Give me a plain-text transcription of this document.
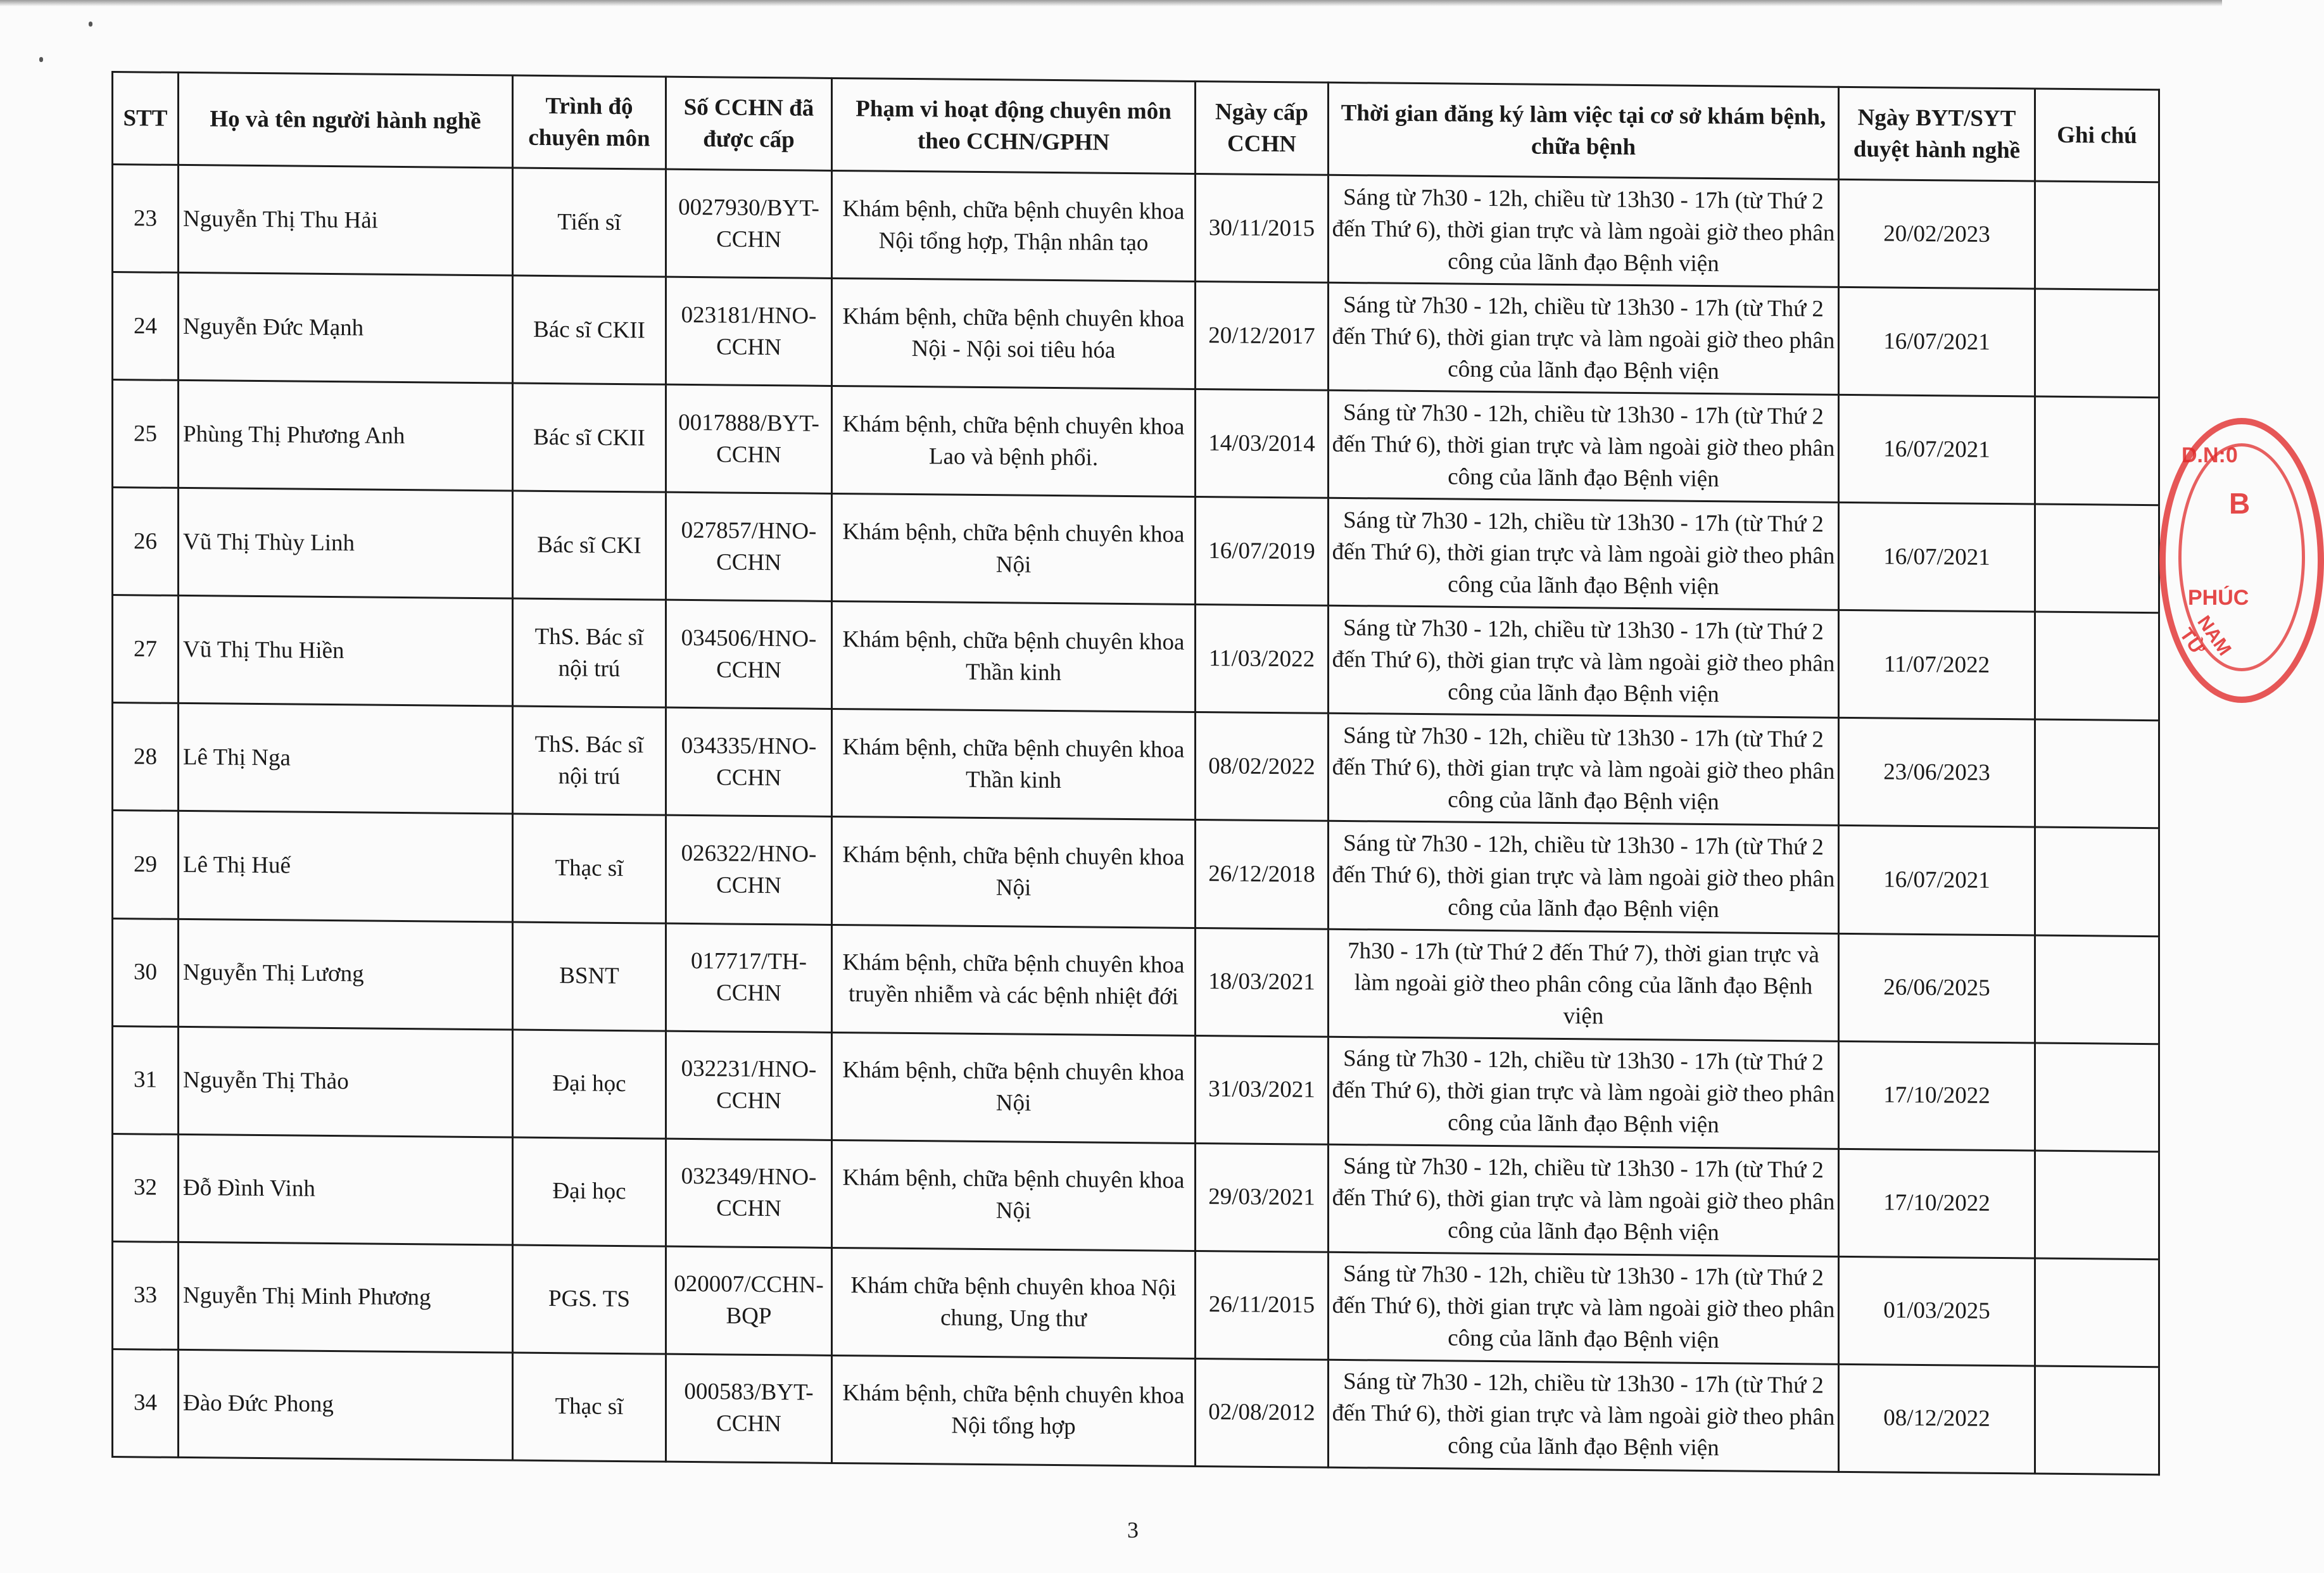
STT	Họ và tên người hành nghề	Trình độ chuyên môn	Số CCHN đã được cấp	Phạm vi hoạt động chuyên môn theo CCHN/GPHN	Ngày cấp CCHN	Thời gian đăng ký làm việc tại cơ sở khám bệnh, chữa bệnh	Ngày BYT/SYT duyệt hành nghề	Ghi chú
23	Nguyễn Thị Thu Hải	Tiến sĩ	0027930/BYT-CCHN	Khám bệnh, chữa bệnh chuyên khoa Nội tổng hợp, Thận nhân tạo	30/11/2015	Sáng từ 7h30 - 12h, chiều từ 13h30 - 17h (từ Thứ 2 đến Thứ 6), thời gian trực và làm ngoài giờ theo phân công của lãnh đạo Bệnh viện	20/02/2023	
24	Nguyễn Đức Mạnh	Bác sĩ CKII	023181/HNO-CCHN	Khám bệnh, chữa bệnh chuyên khoa Nội - Nội soi tiêu hóa	20/12/2017	Sáng từ 7h30 - 12h, chiều từ 13h30 - 17h (từ Thứ 2 đến Thứ 6), thời gian trực và làm ngoài giờ theo phân công của lãnh đạo Bệnh viện	16/07/2021	
25	Phùng Thị Phương Anh	Bác sĩ CKII	0017888/BYT-CCHN	Khám bệnh, chữa bệnh chuyên khoa Lao và bệnh phổi.	14/03/2014	Sáng từ 7h30 - 12h, chiều từ 13h30 - 17h (từ Thứ 2 đến Thứ 6), thời gian trực và làm ngoài giờ theo phân công của lãnh đạo Bệnh viện	16/07/2021	
26	Vũ Thị Thùy Linh	Bác sĩ CKI	027857/HNO-CCHN	Khám bệnh, chữa bệnh chuyên khoa Nội	16/07/2019	Sáng từ 7h30 - 12h, chiều từ 13h30 - 17h (từ Thứ 2 đến Thứ 6), thời gian trực và làm ngoài giờ theo phân công của lãnh đạo Bệnh viện	16/07/2021	
27	Vũ Thị Thu Hiền	ThS. Bác sĩ nội trú	034506/HNO-CCHN	Khám bệnh, chữa bệnh chuyên khoa Thần kinh	11/03/2022	Sáng từ 7h30 - 12h, chiều từ 13h30 - 17h (từ Thứ 2 đến Thứ 6), thời gian trực và làm ngoài giờ theo phân công của lãnh đạo Bệnh viện	11/07/2022	
28	Lê Thị Nga	ThS. Bác sĩ nội trú	034335/HNO-CCHN	Khám bệnh, chữa bệnh chuyên khoa Thần kinh	08/02/2022	Sáng từ 7h30 - 12h, chiều từ 13h30 - 17h (từ Thứ 2 đến Thứ 6), thời gian trực và làm ngoài giờ theo phân công của lãnh đạo Bệnh viện	23/06/2023	
29	Lê Thị Huế	Thạc sĩ	026322/HNO-CCHN	Khám bệnh, chữa bệnh chuyên khoa Nội	26/12/2018	Sáng từ 7h30 - 12h, chiều từ 13h30 - 17h (từ Thứ 2 đến Thứ 6), thời gian trực và làm ngoài giờ theo phân công của lãnh đạo Bệnh viện	16/07/2021	
30	Nguyễn Thị Lương	BSNT	017717/TH-CCHN	Khám bệnh, chữa bệnh chuyên khoa truyền nhiễm và các bệnh nhiệt đới	18/03/2021	7h30 - 17h (từ Thứ 2 đến Thứ 7), thời gian trực và làm ngoài giờ theo phân công của lãnh đạo Bệnh viện	26/06/2025	
31	Nguyễn Thị Thảo	Đại học	032231/HNO-CCHN	Khám bệnh, chữa bệnh chuyên khoa Nội	31/03/2021	Sáng từ 7h30 - 12h, chiều từ 13h30 - 17h (từ Thứ 2 đến Thứ 6), thời gian trực và làm ngoài giờ theo phân công của lãnh đạo Bệnh viện	17/10/2022	
32	Đỗ Đình Vinh	Đại học	032349/HNO-CCHN	Khám bệnh, chữa bệnh chuyên khoa Nội	29/03/2021	Sáng từ 7h30 - 12h, chiều từ 13h30 - 17h (từ Thứ 2 đến Thứ 6), thời gian trực và làm ngoài giờ theo phân công của lãnh đạo Bệnh viện	17/10/2022	
33	Nguyễn Thị Minh Phương	PGS. TS	020007/CCHN-BQP	Khám chữa bệnh chuyên khoa Nội chung, Ung thư	26/11/2015	Sáng từ 7h30 - 12h, chiều từ 13h30 - 17h (từ Thứ 2 đến Thứ 6), thời gian trực và làm ngoài giờ theo phân công của lãnh đạo Bệnh viện	01/03/2025	
34	Đào Đức Phong	Thạc sĩ	000583/BYT-CCHN	Khám bệnh, chữa bệnh chuyên khoa Nội tổng hợp	02/08/2012	Sáng từ 7h30 - 12h, chiều từ 13h30 - 17h (từ Thứ 2 đến Thứ 6), thời gian trực và làm ngoài giờ theo phân công của lãnh đạo Bệnh viện	08/12/2022	
D.N:0
B
PHÚC
NAM TỪ
3
